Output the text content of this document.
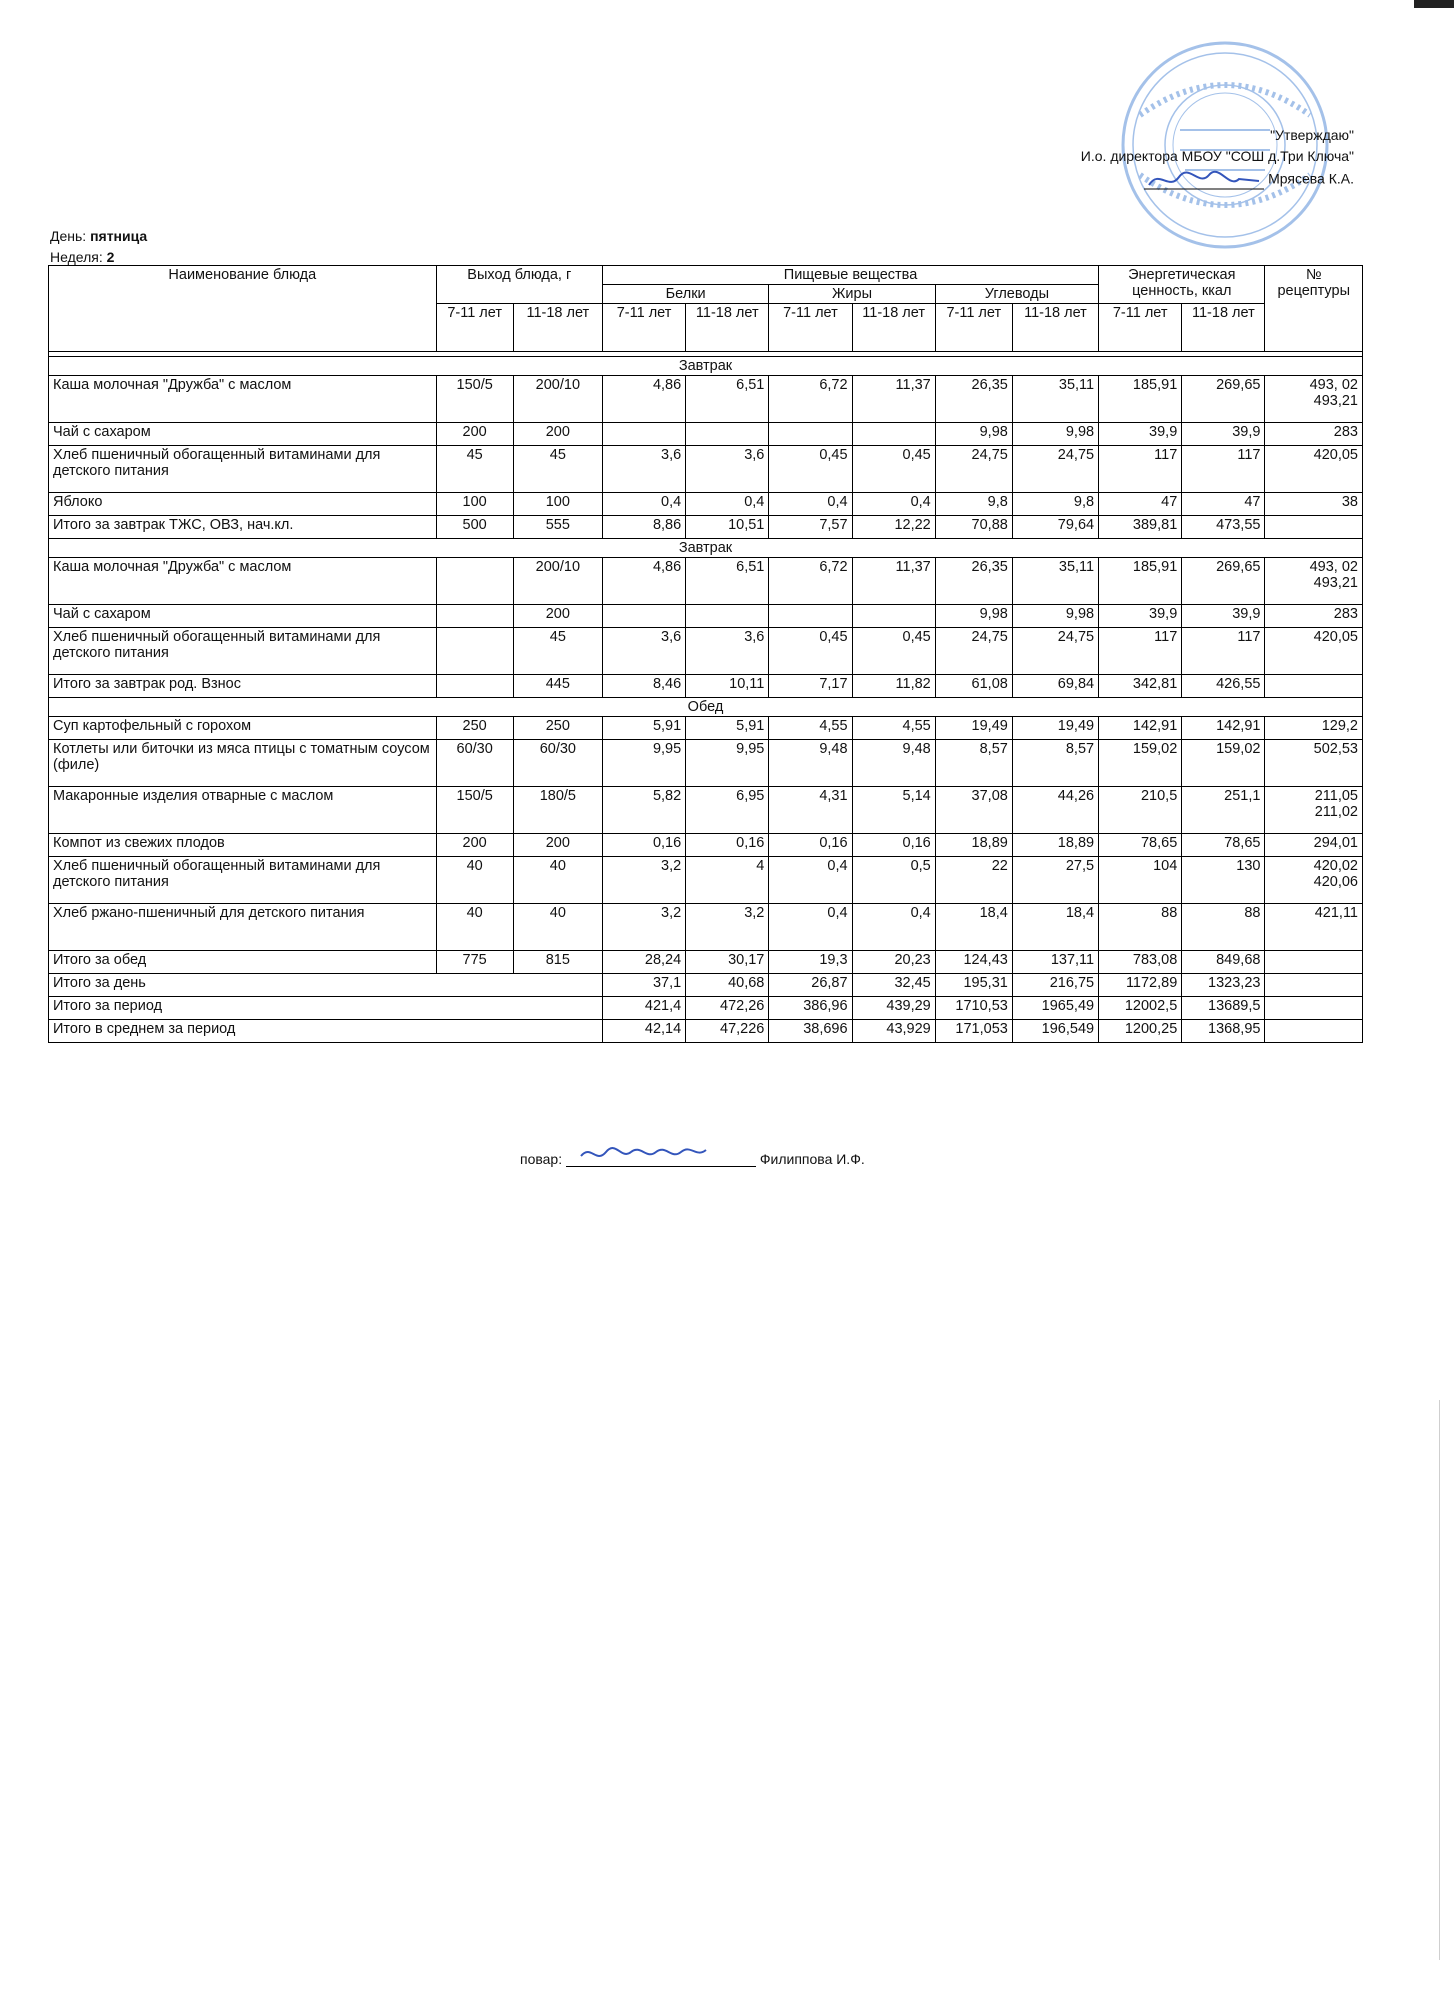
"Утверждаю"
И.о. директора МБОУ "СОШ д.Три Ключа"
Мрясева К.А.
День: пятница
Неделя: 2
Наименование блюда	Выход блюда, г		Пищевые вещества						Энергетическая ценность, ккал		№ рецептуры
			Белки		Жиры		Углеводы				
	7-11 лет	11-18 лет	7-11 лет	11-18 лет	7-11 лет	11-18 лет	7-11 лет	11-18 лет	7-11 лет	11-18 лет	

Завтрак											
Каша молочная "Дружба" с маслом	150/5	200/10	4,86	6,51	6,72	11,37	26,35	35,11	185,91	269,65	493, 02
493,21

Чай с сахаром	200	200					9,98	9,98	39,9	39,9	283

Хлеб пшеничный обогащенный витаминами для детского питания	45	45	3,6	3,6	0,45	0,45	24,75	24,75	117	117	420,05

Яблоко	100	100	0,4	0,4	0,4	0,4	9,8	9,8	47	47	38

Итого за завтрак ТЖС, ОВЗ, нач.кл.	500	555	8,86	10,51	7,57	12,22	70,88	79,64	389,81	473,55	

Завтрак											
Каша молочная "Дружба" с маслом		200/10	4,86	6,51	6,72	11,37	26,35	35,11	185,91	269,65	493, 02
493,21

Чай с сахаром		200					9,98	9,98	39,9	39,9	283

Хлеб пшеничный обогащенный витаминами для детского питания		45	3,6	3,6	0,45	0,45	24,75	24,75	117	117	420,05

Итого за завтрак род. Взнос		445	8,46	10,11	7,17	11,82	61,08	69,84	342,81	426,55	

Обед											
Суп картофельный с горохом	250	250	5,91	5,91	4,55	4,55	19,49	19,49	142,91	142,91	129,2

Котлеты или биточки из мяса птицы с томатным соусом (филе)	60/30	60/30	9,95	9,95	9,48	9,48	8,57	8,57	159,02	159,02	502,53

Макаронные изделия отварные с маслом	150/5	180/5	5,82	6,95	4,31	5,14	37,08	44,26	210,5	251,1	211,05
211,02

Компот из свежих плодов	200	200	0,16	0,16	0,16	0,16	18,89	18,89	78,65	78,65	294,01

Хлеб пшеничный обогащенный витаминами для детского питания	40	40	3,2	4	0,4	0,5	22	27,5	104	130	420,02
420,06

Хлеб ржано-пшеничный для детского питания	40	40	3,2	3,2	0,4	0,4	18,4	18,4	88	88	421,11

Итого за обед	775	815	28,24	30,17	19,3	20,23	124,43	137,11	783,08	849,68	

Итого за день			37,1	40,68	26,87	32,45	195,31	216,75	1172,89	1323,23	
Итого за период			421,4	472,26	386,96	439,29	1710,53	1965,49	12002,5	13689,5	
Итого в среднем за период			42,14	47,226	38,696	43,929	171,053	196,549	1200,25	1368,95	
повар:	Филиппова И.Ф.
